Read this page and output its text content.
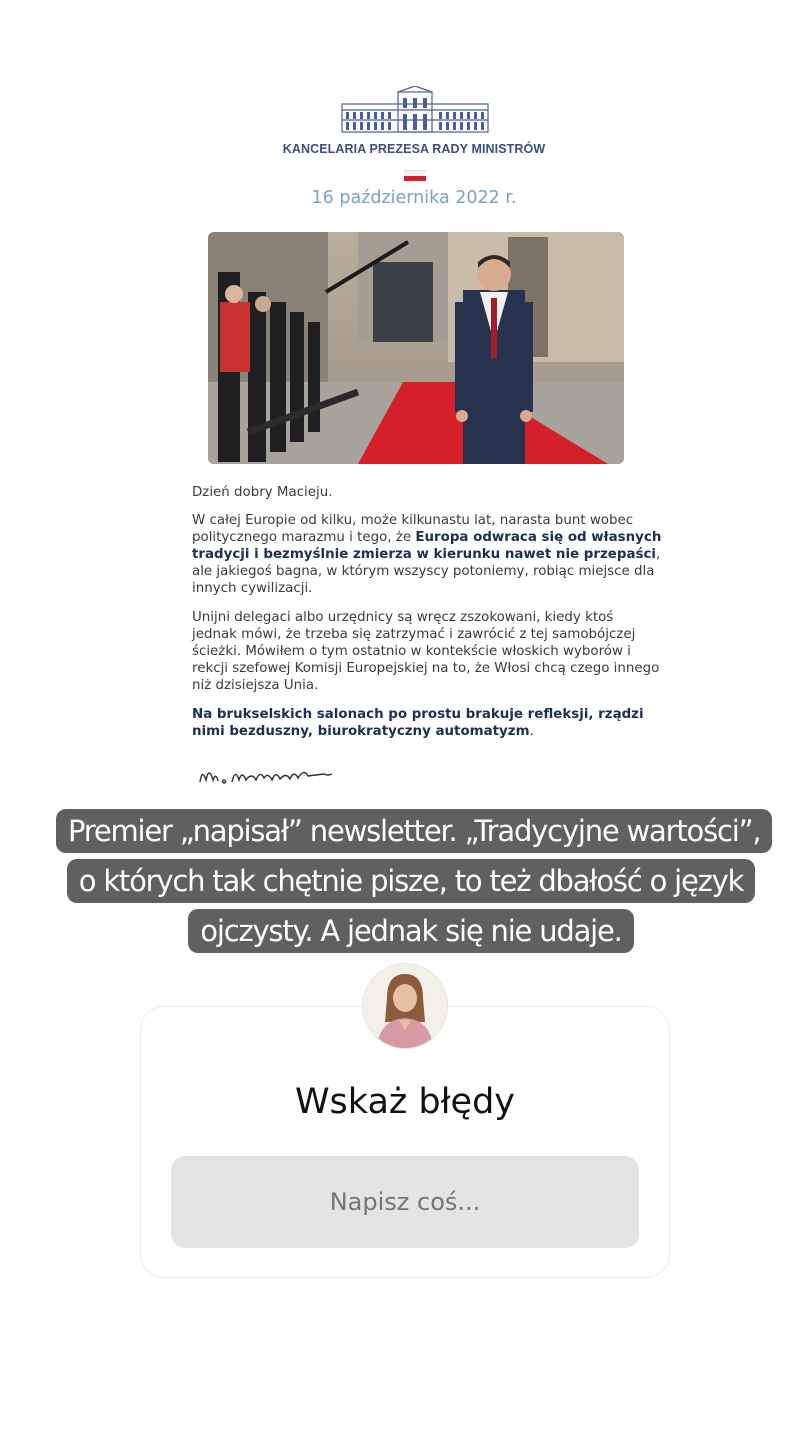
KANCELARIA PREZESA RADY MINISTRÓW
16 października 2022 r.

Dzień dobry Macieju.

W całej Europie od kilku, może kilkunastu lat, narasta bunt wobec politycznego marazmu i tego, że Europa odwraca się od własnych tradycji i bezmyślnie zmierza w kierunku nawet nie przepaści, ale jakiegoś bagna, w którym wszyscy potoniemy, robiąc miejsce dla innych cywilizacji.

Unijni delegaci albo urzędnicy są wręcz zszokowani, kiedy ktoś jednak mówi, że trzeba się zatrzymać i zawrócić z tej samobójczej ścieżki. Mówiłem o tym ostatnio w kontekście włoskich wyborów i rekcji szefowej Komisji Europejskiej na to, że Włosi chcą czego innego niż dzisiejsza Unia.

Na brukselskich salonach po prostu brakuje refleksji, rządzi nimi bezduszny, biurokratyczny automatyzm.

Premier „napisał” newsletter. „Tradycyjne wartości”, o których tak chętnie pisze, to też dbałość o język ojczysty. A jednak się nie udaje.
Wskaż błędy
Napisz coś...
